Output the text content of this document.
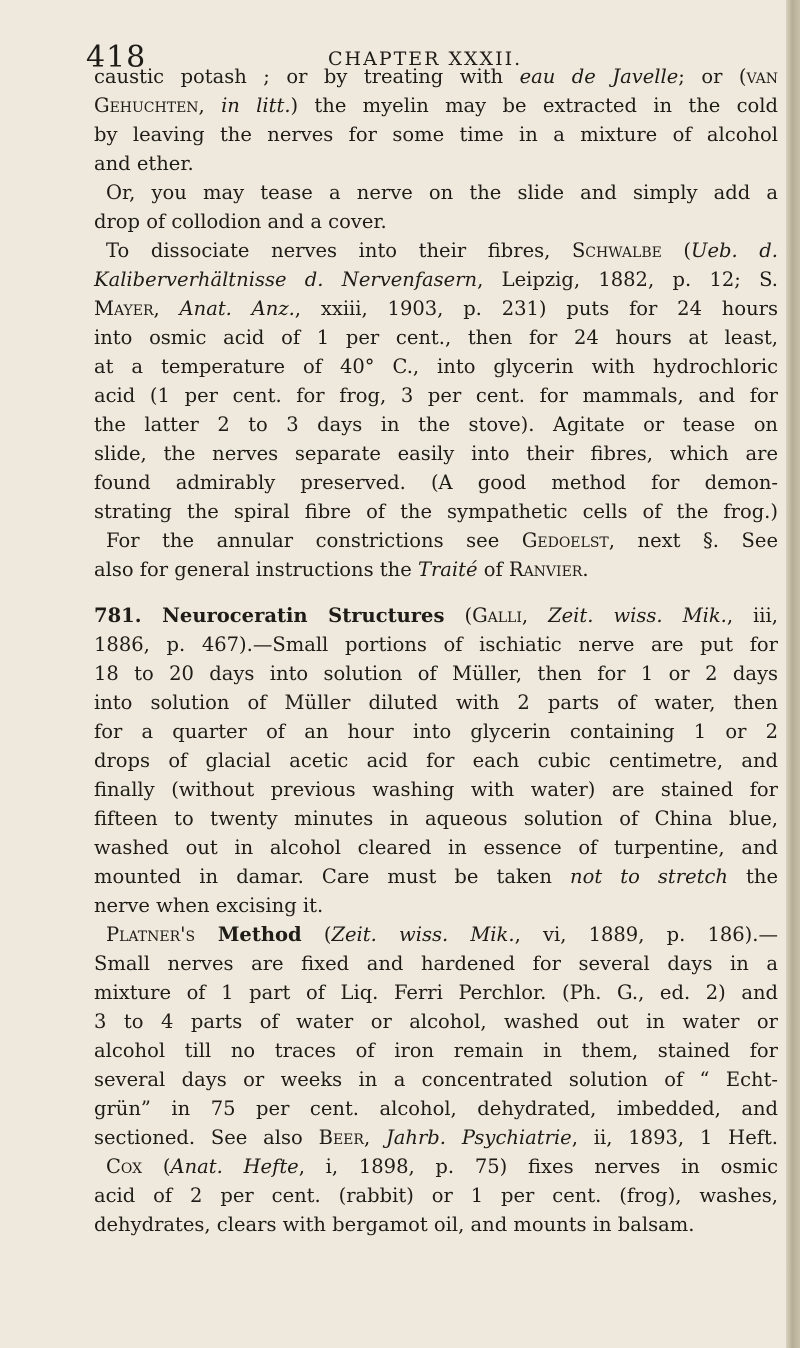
418	CHAPTER XXXII.
caustic potash ; or by treating with eau de Javelle; or (van
Gehuchten, in litt.) the myelin may be extracted in the cold
by leaving the nerves for some time in a mixture of alcohol
and ether.
Or, you may tease a nerve on the slide and simply add a
drop of collodion and a cover.
To dissociate nerves into their fibres, Schwalbe (Ueb. d.
Kaliberverhältnisse d. Nervenfasern, Leipzig, 1882, p. 12; S.
Mayer, Anat. Anz., xxiii, 1903, p. 231) puts for 24 hours
into osmic acid of 1 per cent., then for 24 hours at least,
at a temperature of 40° C., into glycerin with hydrochloric
acid (1 per cent. for frog, 3 per cent. for mammals, and for
the latter 2 to 3 days in the stove). Agitate or tease on
slide, the nerves separate easily into their fibres, which are
found admirably preserved. (A good method for demon-
strating the spiral fibre of the sympathetic cells of the frog.)
For the annular constrictions see Gedoelst, next §. See
also for general instructions the Traité of Ranvier.
781. Neuroceratin Structures (Galli, Zeit. wiss. Mik., iii,
1886, p. 467).—Small portions of ischiatic nerve are put for
18 to 20 days into solution of Müller, then for 1 or 2 days
into solution of Müller diluted with 2 parts of water, then
for a quarter of an hour into glycerin containing 1 or 2
drops of glacial acetic acid for each cubic centimetre, and
finally (without previous washing with water) are stained for
fifteen to twenty minutes in aqueous solution of China blue,
washed out in alcohol cleared in essence of turpentine, and
mounted in damar. Care must be taken not to stretch the
nerve when excising it.
Platner's Method (Zeit. wiss. Mik., vi, 1889, p. 186).—
Small nerves are fixed and hardened for several days in a
mixture of 1 part of Liq. Ferri Perchlor. (Ph. G., ed. 2) and
3 to 4 parts of water or alcohol, washed out in water or
alcohol till no traces of iron remain in them, stained for
several days or weeks in a concentrated solution of “ Echt-
grün” in 75 per cent. alcohol, dehydrated, imbedded, and
sectioned. See also Beer, Jahrb. Psychiatrie, ii, 1893, 1 Heft.
Cox (Anat. Hefte, i, 1898, p. 75) fixes nerves in osmic
acid of 2 per cent. (rabbit) or 1 per cent. (frog), washes,
dehydrates, clears with bergamot oil, and mounts in balsam.
